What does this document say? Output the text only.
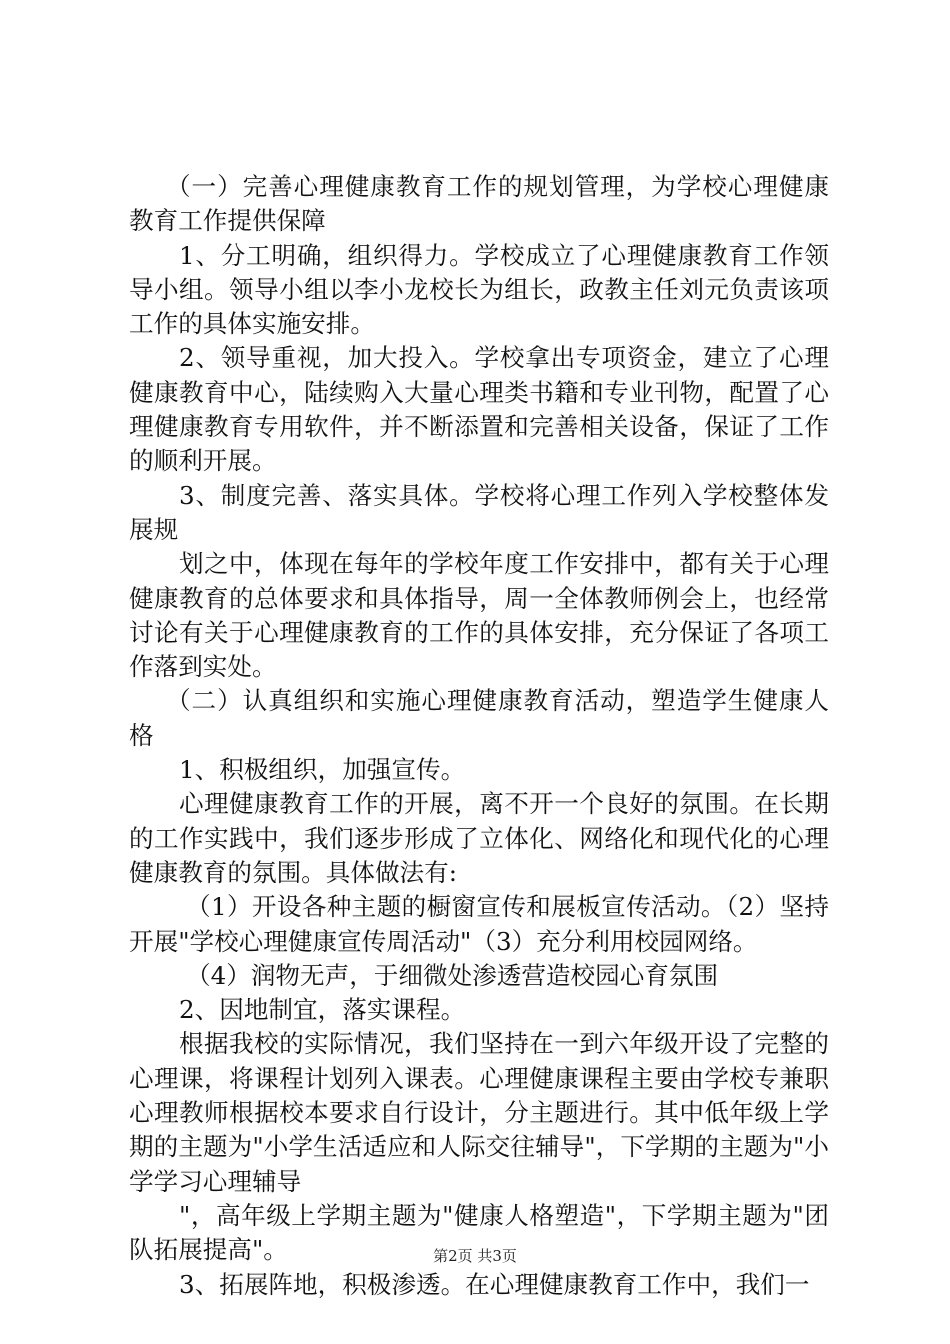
（一）完善心理健康教育工作的规划管理，为学校心理健康教育工作提供保障

1、分工明确，组织得力。学校成立了心理健康教育工作领导小组。领导小组以李小龙校长为组长，政教主任刘元负责该项工作的具体实施安排。

2、领导重视，加大投入。学校拿出专项资金，建立了心理健康教育中心，陆续购入大量心理类书籍和专业刊物，配置了心理健康教育专用软件，并不断添置和完善相关设备，保证了工作的顺利开展。

3、制度完善、落实具体。学校将心理工作列入学校整体发展规

划之中，体现在每年的学校年度工作安排中，都有关于心理健康教育的总体要求和具体指导，周一全体教师例会上，也经常讨论有关于心理健康教育的工作的具体安排，充分保证了各项工作落到实处。

（二）认真组织和实施心理健康教育活动，塑造学生健康人格

1、积极组织，加强宣传。

心理健康教育工作的开展，离不开一个良好的氛围。在长期的工作实践中，我们逐步形成了立体化、网络化和现代化的心理健康教育的氛围。具体做法有:

（1）开设各种主题的橱窗宣传和展板宣传活动。（2）坚持开展"学校心理健康宣传周活动"（3）充分利用校园网络。

（4）润物无声，于细微处渗透营造校园心育氛围

2、因地制宜，落实课程。

根据我校的实际情况，我们坚持在一到六年级开设了完整的心理课，将课程计划列入课表。心理健康课程主要由学校专兼职心理教师根据校本要求自行设计，分主题进行。其中低年级上学期的主题为"小学生活适应和人际交往辅导"，下学期的主题为"小学学习心理辅导

"，高年级上学期主题为"健康人格塑造"，下学期主题为"团队拓展提高"。

3、拓展阵地，积极渗透。在心理健康教育工作中，我们一

第2页 共3页
